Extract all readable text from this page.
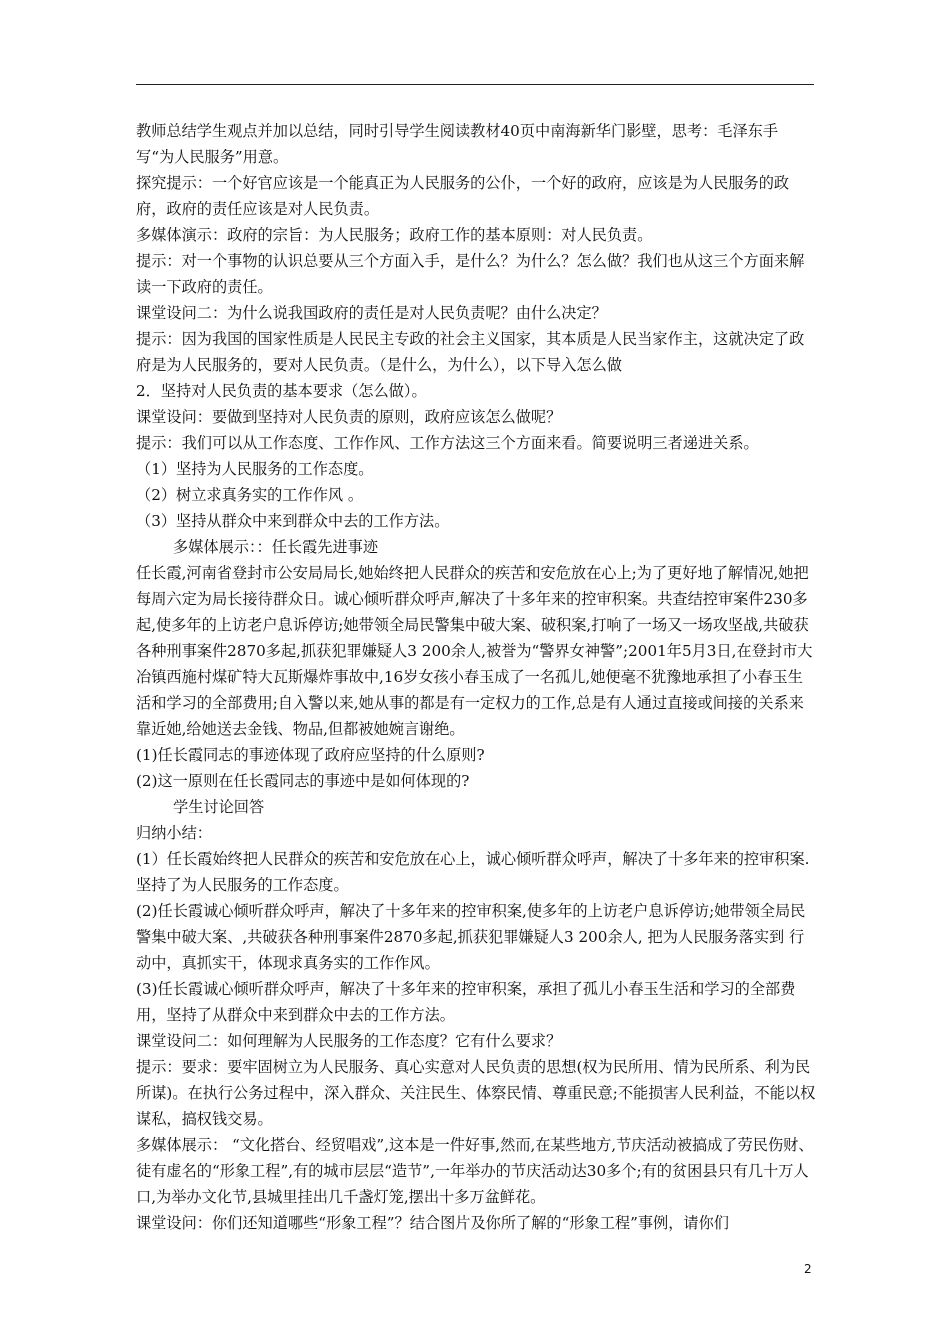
教师总结学生观点并加以总结，同时引导学生阅读教材40页中南海新华门影壁，思考：毛泽东手写“为人民服务”用意。

探究提示：一个好官应该是一个能真正为人民服务的公仆，一个好的政府，应该是为人民服务的政府，政府的责任应该是对人民负责。

多媒体演示：政府的宗旨：为人民服务；政府工作的基本原则：对人民负责。

提示：对一个事物的认识总要从三个方面入手，是什么？为什么？怎么做？我们也从这三个方面来解读一下政府的责任。

课堂设问二：为什么说我国政府的责任是对人民负责呢？由什么决定？

提示：因为我国的国家性质是人民民主专政的社会主义国家，其本质是人民当家作主，这就决定了政府是为人民服务的，要对人民负责。（是什么，为什么），以下导入怎么做

2．坚持对人民负责的基本要求（怎么做）。

课堂设问：要做到坚持对人民负责的原则，政府应该怎么做呢？

提示：我们可以从工作态度、工作作风、工作方法这三个方面来看。简要说明三者递进关系。

（1）坚持为人民服务的工作态度。

（2）树立求真务实的工作作风 。

（3）坚持从群众中来到群众中去的工作方法。

多媒体展示：：任长霞先进事迹

任长霞,河南省登封市公安局局长,她始终把人民群众的疾苦和安危放在心上;为了更好地了解情况,她把每周六定为局长接待群众日。诚心倾听群众呼声,解决了十多年来的控审积案。共查结控审案件230多起,使多年的上访老户息诉停访;她带领全局民警集中破大案、破积案,打响了一场又一场攻坚战,共破获各种刑事案件2870多起,抓获犯罪嫌疑人3 200余人,被誉为“警界女神警”;2001年5月3日,在登封市大冶镇西施村煤矿特大瓦斯爆炸事故中,16岁女孩小春玉成了一名孤儿,她便毫不犹豫地承担了小春玉生活和学习的全部费用;自入警以来,她从事的都是有一定权力的工作,总是有人通过直接或间接的关系来靠近她,给她送去金钱、物品,但都被她婉言谢绝。

(1)任长霞同志的事迹体现了政府应坚持的什么原则?

(2)这一原则在任长霞同志的事迹中是如何体现的?

学生讨论回答

归纳小结：

(1）任长霞始终把人民群众的疾苦和安危放在心上，诚心倾听群众呼声，解决了十多年来的控审积案.坚持了为人民服务的工作态度。

(2)任长霞诚心倾听群众呼声，解决了十多年来的控审积案,使多年的上访老户息诉停访;她带领全局民警集中破大案、,共破获各种刑事案件2870多起,抓获犯罪嫌疑人3 200余人, 把为人民服务落实到 行动中，真抓实干，体现求真务实的工作作风。

(3)任长霞诚心倾听群众呼声，解决了十多年来的控审积案，承担了孤儿小春玉生活和学习的全部费用，坚持了从群众中来到群众中去的工作方法。

课堂设问二：如何理解为人民服务的工作态度？它有什么要求？

提示：要求：要牢固树立为人民服务、真心实意对人民负责的思想(权为民所用、情为民所系、利为民所谋)。在执行公务过程中，深入群众、关注民生、体察民情、尊重民意;不能损害人民利益，不能以权谋私，搞权钱交易。

多媒体展示： “文化搭台、经贸唱戏”,这本是一件好事,然而,在某些地方,节庆活动被搞成了劳民伤财、徒有虚名的“形象工程”,有的城市层层“造节”,一年举办的节庆活动达30多个;有的贫困县只有几十万人口,为举办文化节,县城里挂出几千盏灯笼,摆出十多万盆鲜花。

课堂设问：你们还知道哪些“形象工程”？结合图片及你所了解的“形象工程”事例，请你们

2
